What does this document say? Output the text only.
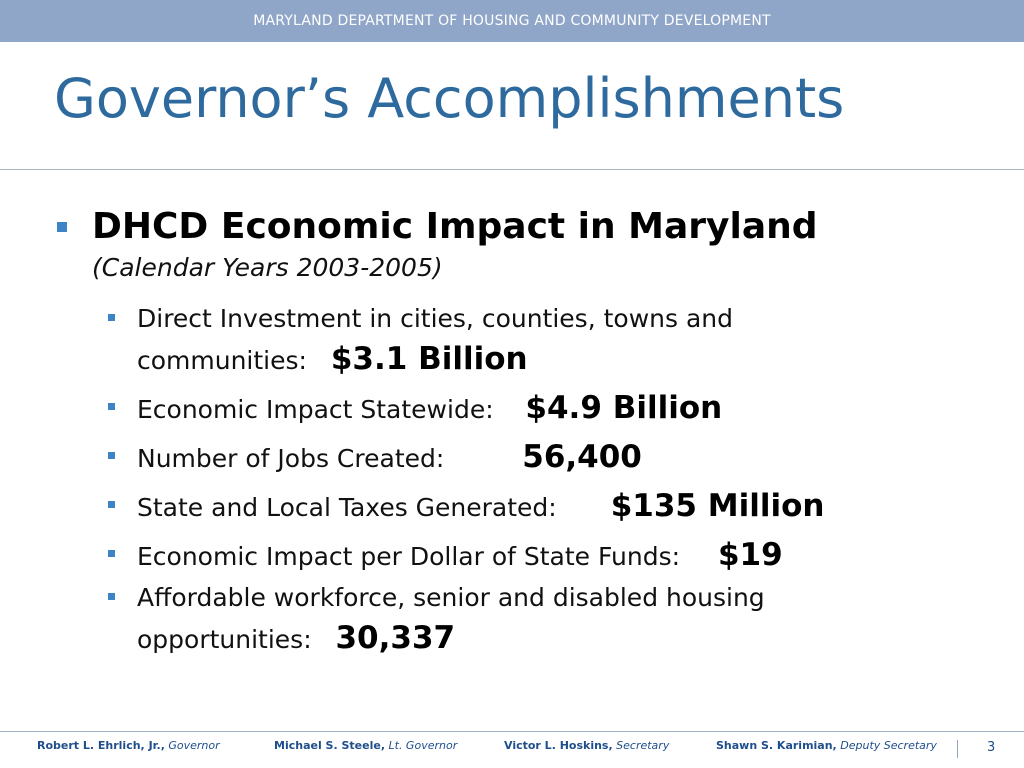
MARYLAND DEPARTMENT OF HOUSING AND COMMUNITY DEVELOPMENT
Governor’s Accomplishments
DHCD Economic Impact in Maryland
(Calendar Years 2003-2005)
Direct Investment in cities, counties, towns and communities: $3.1 Billion
Economic Impact Statewide: $4.9 Billion
Number of Jobs Created:	56,400
State and Local Taxes Generated: $135 Million
Economic Impact per Dollar of State Funds: $19
Affordable workforce, senior and disabled housing opportunities: 30,337
Robert L. Ehrlich, Jr., Governor	Michael S. Steele, Lt. Governor	Victor L. Hoskins, Secretary	Shawn S. Karimian, Deputy Secretary	3
